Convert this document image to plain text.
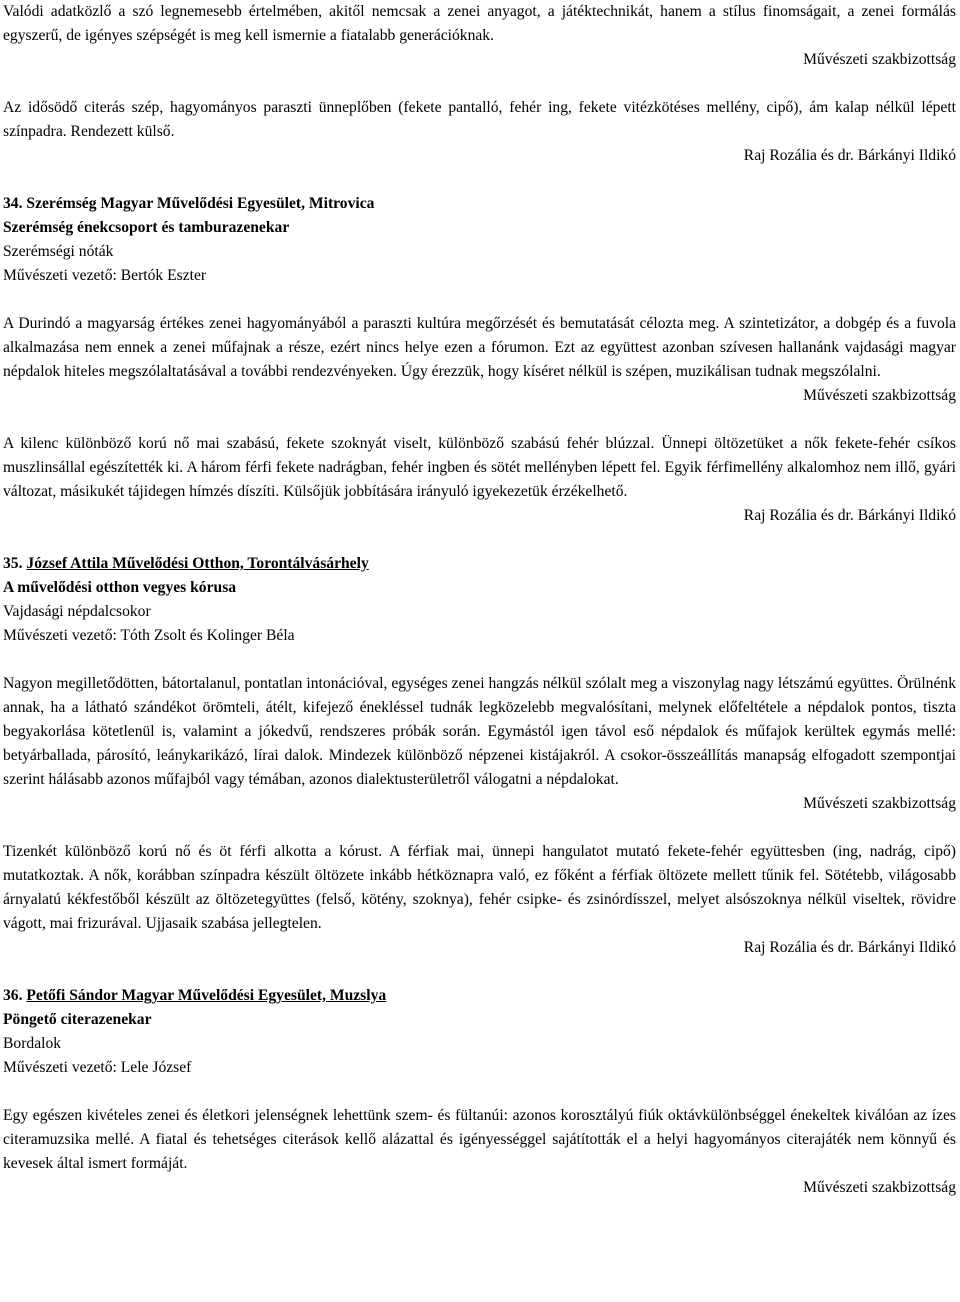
Valódi adatközlő a szó legnemesebb értelmében, akitől nemcsak a zenei anyagot, a játéktechnikát, hanem a stílus finomságait, a zenei formálás egyszerű, de igényes szépségét is meg kell ismernie a fiatalabb generációknak.

Művészeti szakbizottság

Az idősödő citerás szép, hagyományos paraszti ünneplőben (fekete pantalló, fehér ing, fekete vitézkötéses mellény, cipő), ám kalap nélkül lépett színpadra. Rendezett külső.

Raj Rozália és dr. Bárkányi Ildikó

34. Szerémség Magyar Művelődési Egyesület, Mitrovica

Szerémség énekcsoport és tamburazenekar

Szerémségi nóták

Művészeti vezető: Bertók Eszter

A Durindó a magyarság értékes zenei hagyományából a paraszti kultúra megőrzését és bemutatását célozta meg. A szintetizátor, a dobgép és a fuvola alkalmazása nem ennek a zenei műfajnak a része, ezért nincs helye ezen a fórumon. Ezt az együttest azonban szívesen hallanánk vajdasági magyar népdalok hiteles megszólaltatásával a további rendezvényeken. Úgy érezzük, hogy kíséret nélkül is szépen, muzikálisan tudnak megszólalni.

Művészeti szakbizottság

A kilenc különböző korú nő mai szabású, fekete szoknyát viselt, különböző szabású fehér blúzzal. Ünnepi öltözetüket a nők fekete-fehér csíkos muszlinsállal egészítették ki. A három férfi fekete nadrágban, fehér ingben és sötét mellényben lépett fel. Egyik férfimellény alkalomhoz nem illő, gyári változat, másikukét tájidegen hímzés díszíti. Külsőjük jobbítására irányuló igyekezetük érzékelhető.

Raj Rozália és dr. Bárkányi Ildikó

35. József Attila Művelődési Otthon, Torontálvásárhely

A művelődési otthon vegyes kórusa

Vajdasági népdalcsokor

Művészeti vezető: Tóth Zsolt és Kolinger Béla

Nagyon megilletődötten, bátortalanul, pontatlan intonációval, egységes zenei hangzás nélkül szólalt meg a viszonylag nagy létszámú együttes. Örülnénk annak, ha a látható szándékot örömteli, átélt, kifejező énekléssel tudnák legközelebb megvalósítani, melynek előfeltétele a népdalok pontos, tiszta begyakorlása kötetlenül is, valamint a jókedvű, rendszeres próbák során. Egymástól igen távol eső népdalok és műfajok kerültek egymás mellé: betyárballada, párosító, leánykarikázó, lírai dalok. Mindezek különböző népzenei kistájakról. A csokor-összeállítás manapság elfogadott szempontjai szerint hálásabb azonos műfajból vagy témában, azonos dialektusterületről válogatni a népdalokat.

Művészeti szakbizottság

Tizenkét különböző korú nő és öt férfi alkotta a kórust. A férfiak mai, ünnepi hangulatot mutató fekete-fehér együttesben (ing, nadrág, cipő) mutatkoztak. A nők, korábban színpadra készült öltözete inkább hétköznapra való, ez főként a férfiak öltözete mellett tűnik fel. Sötétebb, világosabb árnyalatú kékfestőből készült az öltözetegyüttes (felső, kötény, szoknya), fehér csipke- és zsinórdísszel, melyet alsószoknya nélkül viseltek, rövidre vágott, mai frizurával. Ujjasaik szabása jellegtelen.

Raj Rozália és dr. Bárkányi Ildikó

36. Petőfi Sándor Magyar Művelődési Egyesület, Muzslya

Pöngető citerazenekar

Bordalok

Művészeti vezető: Lele József

Egy egészen kivételes zenei és életkori jelenségnek lehettünk szem- és fültanúi: azonos korosztályú fiúk oktávkülönbséggel énekeltek kiválóan az ízes citeramuzsika mellé. A fiatal és tehetséges citerások kellő alázattal és igényességgel sajátították el a helyi hagyományos citerajáték nem könnyű és kevesek által ismert formáját.

Művészeti szakbizottság
